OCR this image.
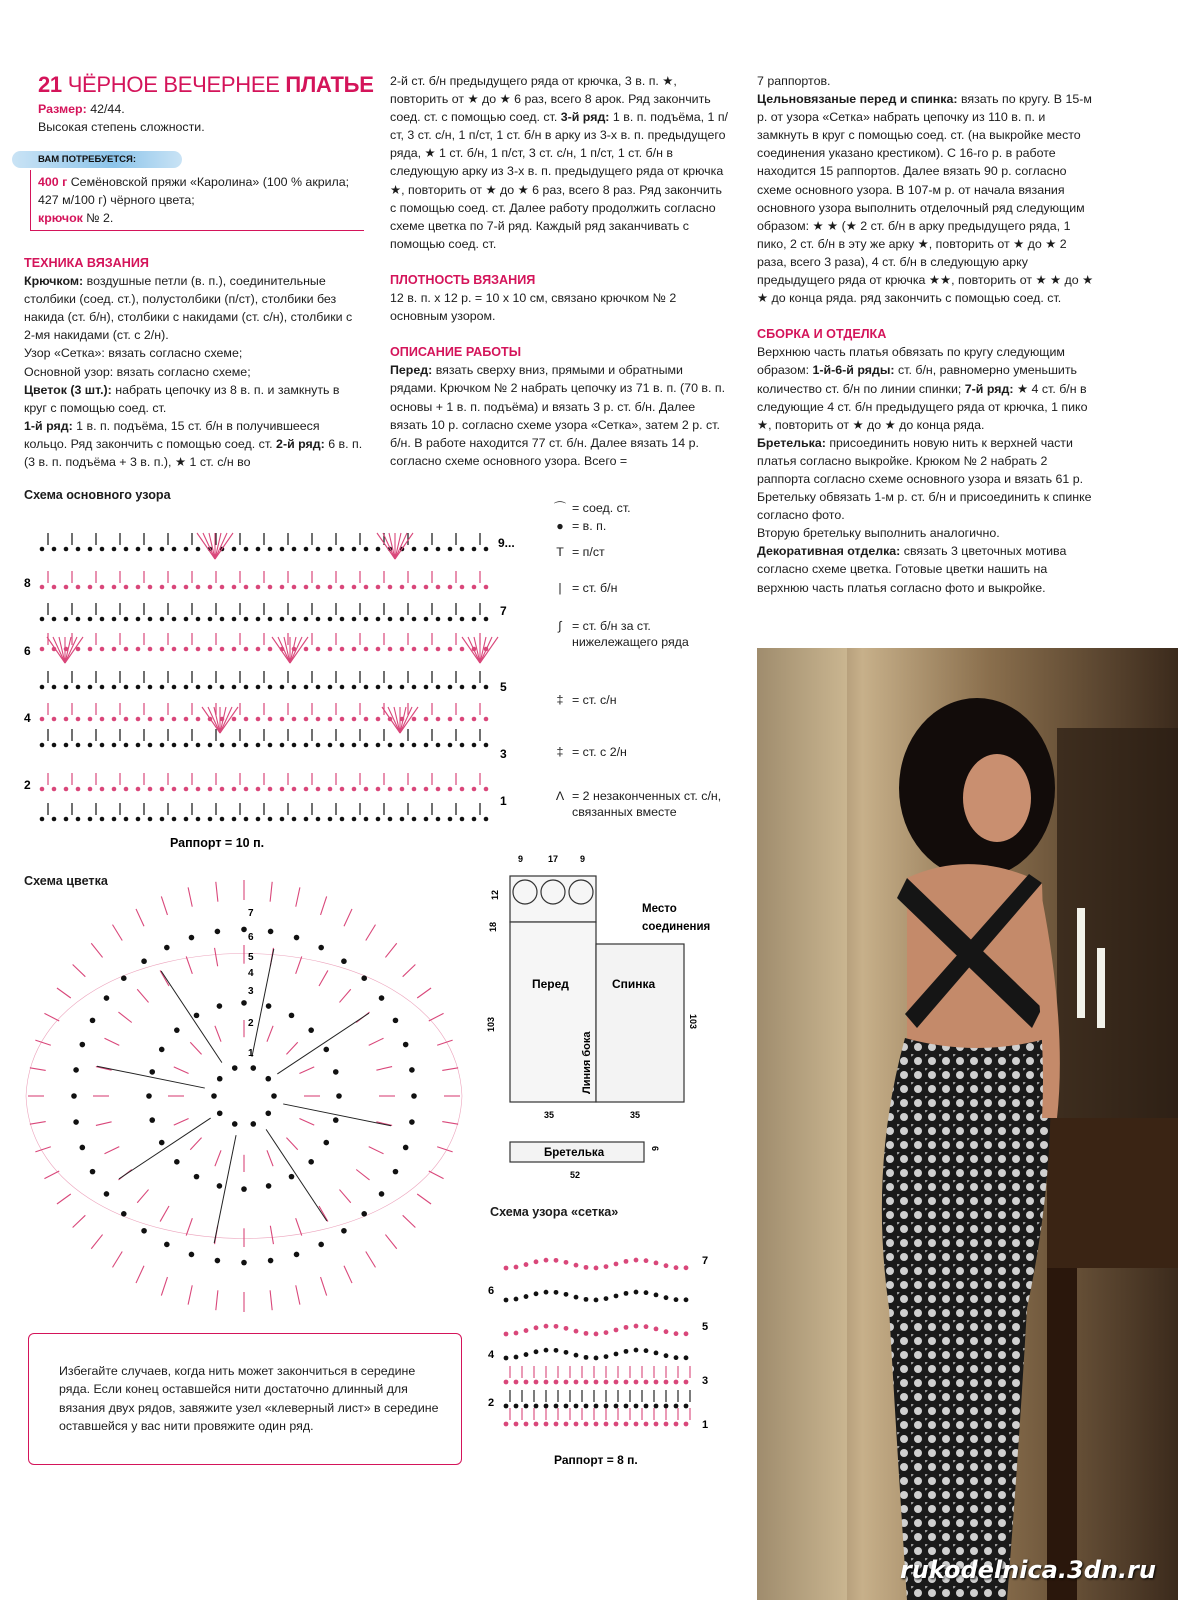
21 ЧЁРНОЕ ВЕЧЕРНЕЕ ПЛАТЬЕ

Размер: 42/44.

Высокая степень сложности.

ВАМ ПОТРЕБУЕТСЯ:

400 г Семёновской пряжи «Каролина» (100 % акрила; 427 м/100 г) чёрного цвета;

крючок № 2.

ТЕХНИКА ВЯЗАНИЯ

Крючком: воздушные петли (в. п.), соединительные столбики (соед. ст.), полустолбики (п/ст), столбики без накида (ст. б/н), столбики с накидами (ст. с/н), столбики с 2-мя накидами (ст. с 2/н).

Узор «Сетка»: вязать согласно схеме;

Основной узор: вязать согласно схеме;

Цветок (3 шт.): набрать цепочку из 8 в. п. и замкнуть в круг с помощью соед. ст.

1-й ряд: 1 в. п. подъёма, 15 ст. б/н в получившееся кольцо. Ряд закончить с помощью соед. ст. 2-й ряд: 6 в. п. (3 в. п. подъёма + 3 в. п.), ★ 1 ст. с/н во

2-й ст. б/н предыдущего ряда от крючка, 3 в. п. ★, повторить от ★ до ★ 6 раз, всего 8 арок. Ряд закончить соед. ст. с помощью соед. ст. 3-й ряд: 1 в. п. подъёма, 1 п/ст, 3 ст. с/н, 1 п/ст, 1 ст. б/н в арку из 3-х в. п. предыдущего ряда, ★ 1 ст. б/н, 1 п/ст, 3 ст. с/н, 1 п/ст, 1 ст. б/н в следующую арку из 3-х в. п. предыдущего ряда от крючка ★, повторить от ★ до ★ 6 раз, всего 8 раз. Ряд закончить с помощью соед. ст. Далее работу продолжить согласно схеме цветка по 7-й ряд. Каждый ряд заканчивать с помощью соед. ст.

ПЛОТНОСТЬ ВЯЗАНИЯ

12 в. п. х 12 р. = 10 х 10 см, связано крючком № 2 основным узором.

ОПИСАНИЕ РАБОТЫ

Перед: вязать сверху вниз, прямыми и обратными рядами. Крючком № 2 набрать цепочку из 71 в. п. (70 в. п. основы + 1 в. п. подъёма) и вязать 3 р. ст. б/н. Далее вязать 10 р. согласно схеме узора «Сетка», затем 2 р. ст. б/н. В работе находится 77 ст. б/н. Далее вязать 14 р. согласно схеме основного узора. Всего =

7 раппортов.

Цельновязаные перед и спинка: вязать по кругу. В 15-м р. от узора «Сетка» набрать цепочку из 110 в. п. и замкнуть в круг с помощью соед. ст. (на выкройке место соединения указано крестиком). С 16-го р. в работе находится 15 раппортов. Далее вязать 90 р. согласно схеме основного узора. В 107-м р. от начала вязания основного узора выполнить отделочный ряд следующим образом: ★ ★ (★ 2 ст. б/н в арку предыдущего ряда, 1 пико, 2 ст. б/н в эту же арку ★, повторить от ★ до ★ 2 раза, всего 3 раза), 4 ст. б/н в следующую арку предыдущего ряда от крючка ★★, повторить от ★ ★ до ★ ★ до конца ряда. ряд закончить с помощью соед. ст.

СБОРКА И ОТДЕЛКА

Верхнюю часть платья обвязать по кругу следующим образом: 1-й-6-й ряды: ст. б/н, равномерно уменьшить количество ст. б/н по линии спинки; 7-й ряд: ★ 4 ст. б/н в следующие 4 ст. б/н предыдущего ряда от крючка, 1 пико ★, повторить от ★ до ★ до конца ряда.

Бретелька: присоединить новую нить к верхней части платья согласно выкройке. Крюком № 2 набрать 2 раппорта согласно схеме основного узора и вязать 61 р. Бретельку обвязать 1-м р. ст. б/н и присоединить к спинке согласно фото.

Вторую бретельку выполнить аналогично.

Декоративная отделка: связать 3 цветочных мотива согласно схеме цветка. Готовые цветки нашить на верхнюю часть платья согласно фото и выкройке.

Схема основного узора
8
6
4
2
9...
7
5
3
1
Раппорт = 10 п.
⌒ = соед. ст.
● = в. п.
T = п/ст
| = ст. б/н
∫ = ст. б/н за ст. нижележащего ряда
‡ = ст. с/н
‡ = ст. с 2/н
Λ = 2 незаконченных ст. с/н, связанных вместе
Схема цветка
7
6
5
4
3
2
1
9	17 9
12
18
Место
соединения
Перед	Спинка
Линия бока
103	103
35	35
Бретелька	6
52
Схема узора «сетка»
6
4
2
7
5
3
1
Раппорт = 8 п.

Избегайте случаев, когда нить может закончиться в середине ряда. Если конец оставшейся нити достаточно длинный для вязания двух рядов, завяжите узел «клеверный лист» в середине оставшейся у вас нити провяжите один ряд.

rukodelnica.3dn.ru
